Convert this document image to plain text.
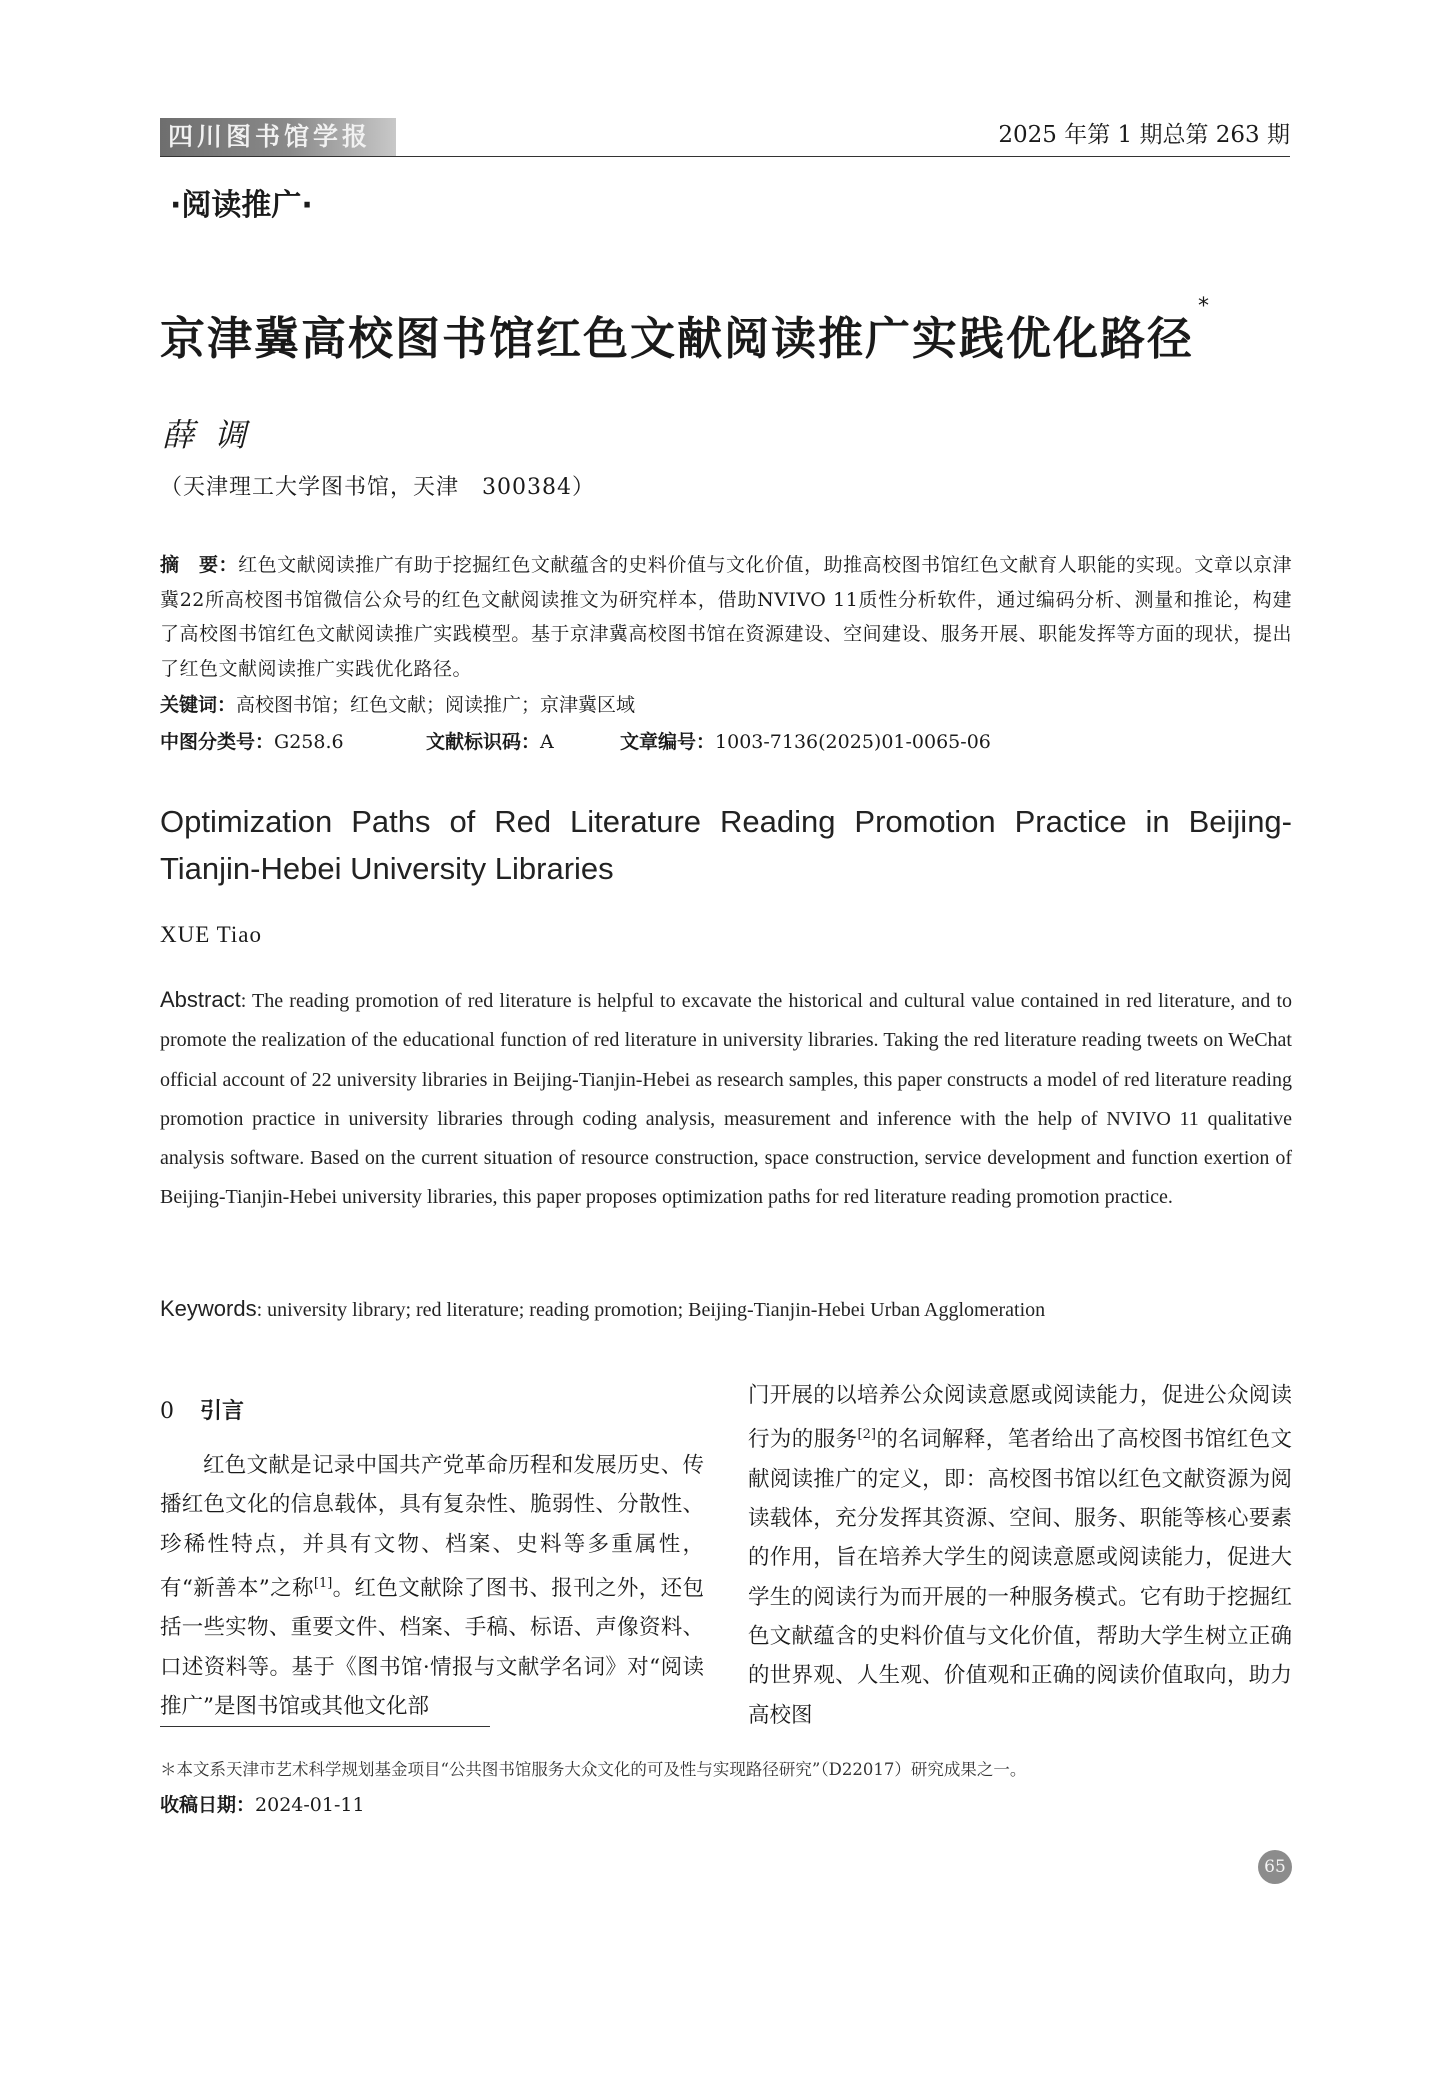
四川图书馆学报	2025 年第 1 期总第 263 期
·阅读推广·
京津冀高校图书馆红色文献阅读推广实践优化路径*
薛调
（天津理工大学图书馆，天津　300384）
摘　要：红色文献阅读推广有助于挖掘红色文献蕴含的史料价值与文化价值，助推高校图书馆红色文献育人职能的实现。文章以京津冀22所高校图书馆微信公众号的红色文献阅读推文为研究样本，借助NVIVO 11质性分析软件，通过编码分析、测量和推论，构建了高校图书馆红色文献阅读推广实践模型。基于京津冀高校图书馆在资源建设、空间建设、服务开展、职能发挥等方面的现状，提出了红色文献阅读推广实践优化路径。
关键词：高校图书馆；红色文献；阅读推广；京津冀区域
中图分类号：G258.6	文献标识码：A	文章编号：1003-7136(2025)01-0065-06
Optimization Paths of Red Literature Reading Promotion Practice in Beijing-Tianjin-Hebei University Libraries
XUE Tiao
Abstract: The reading promotion of red literature is helpful to excavate the historical and cultural value contained in red literature, and to promote the realization of the educational function of red literature in university libraries. Taking the red literature reading tweets on WeChat official account of 22 university libraries in Beijing-Tianjin-Hebei as research samples, this paper constructs a model of red literature reading promotion practice in university libraries through coding analysis, measurement and inference with the help of NVIVO 11 qualitative analysis software. Based on the current situation of resource construction, space construction, service development and function exertion of Beijing-Tianjin-Hebei university libraries, this paper proposes optimization paths for red literature reading promotion practice.
Keywords: university library; red literature; reading promotion; Beijing-Tianjin-Hebei Urban Agglomeration
0 引言
红色文献是记录中国共产党革命历程和发展历史、传播红色文化的信息载体，具有复杂性、脆弱性、分散性、珍稀性特点，并具有文物、档案、史料等多重属性，有“新善本”之称[1]。红色文献除了图书、报刊之外，还包括一些实物、重要文件、档案、手稿、标语、声像资料、口述资料等。基于《图书馆·情报与文献学名词》对“阅读推广”是图书馆或其他文化部
门开展的以培养公众阅读意愿或阅读能力，促进公众阅读行为的服务[2]的名词解释，笔者给出了高校图书馆红色文献阅读推广的定义，即：高校图书馆以红色文献资源为阅读载体，充分发挥其资源、空间、服务、职能等核心要素的作用，旨在培养大学生的阅读意愿或阅读能力，促进大学生的阅读行为而开展的一种服务模式。它有助于挖掘红色文献蕴含的史料价值与文化价值，帮助大学生树立正确的世界观、人生观、价值观和正确的阅读价值取向，助力高校图
＊本文系天津市艺术科学规划基金项目“公共图书馆服务大众文化的可及性与实现路径研究”（D22017）研究成果之一。
收稿日期：2024-01-11
65
